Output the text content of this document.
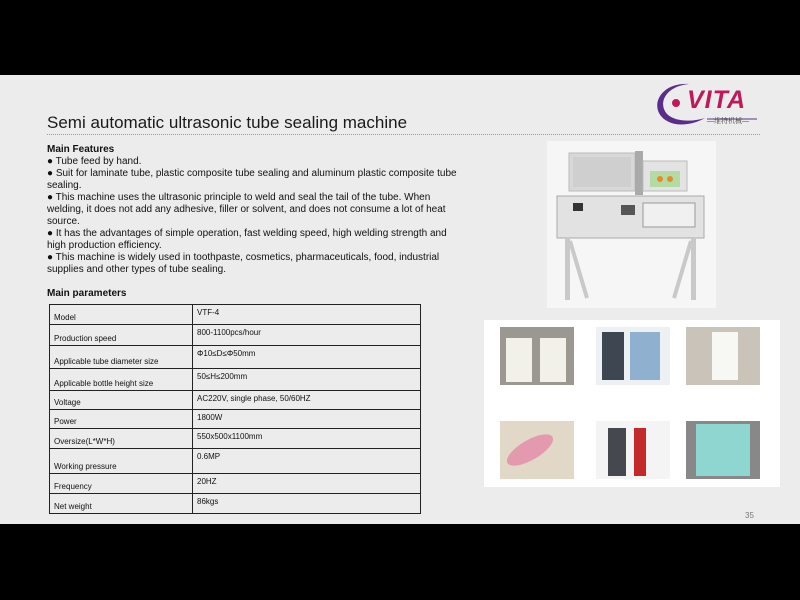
VITA
—维特机械—
Semi automatic ultrasonic tube sealing machine
Main Features
● Tube feed by hand.
● Suit for laminate tube, plastic composite tube sealing and aluminum plastic composite tube sealing.
● This machine uses the ultrasonic principle to weld and seal the tail of the tube. When welding, it does not add any adhesive, filler or solvent, and does not consume a lot of heat source.
● It has the advantages of simple operation, fast welding speed, high welding strength and high production efficiency.
● This machine is widely used in toothpaste, cosmetics, pharmaceuticals, food, industrial supplies and other types of tube sealing.
Main parameters
Model	VTF-4
Production speed	800-1100pcs/hour
Applicable tube diameter size	Φ10≤D≤Φ50mm
Applicable bottle height size	50≤H≤200mm
Voltage	AC220V, single phase, 50/60HZ
Power	1800W
Oversize(L*W*H)	550x500x1100mm
Working pressure	0.6MP
Frequency	20HZ
Net weight	86kgs
35
